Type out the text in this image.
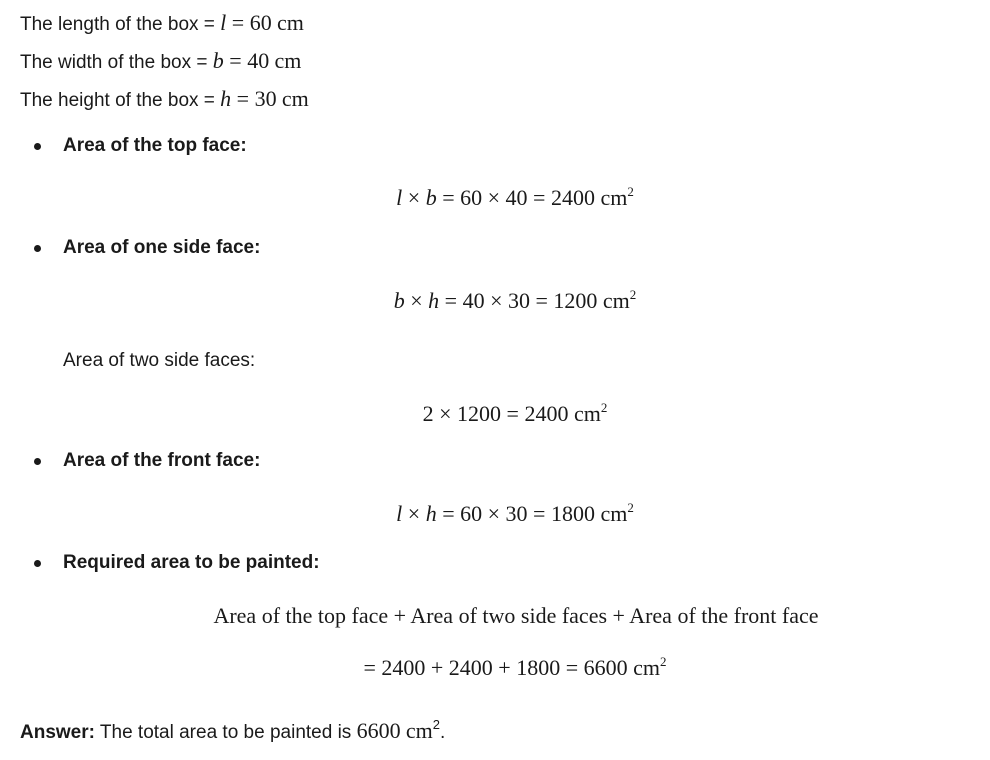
The length of the box = l = 60 cm
The width of the box = b = 40 cm
The height of the box = h = 30 cm
Area of the top face:
l × b = 60 × 40 = 2400 $cm^2$
Area of one side face:
b × h = 40 × 30 = 1200 $cm^2$
Area of two side faces:
2 × 1200 = 2400 $cm^2$
Area of the front face:
l × h = 60 × 30 = 1800 $cm^2$
Required area to be painted:
Area of the top face + Area of two side faces + Area of the front face
= 2400 + 2400 + 1800 = 6600 $cm^2$
Answer: The total area to be painted is 6600 $cm^2$.
